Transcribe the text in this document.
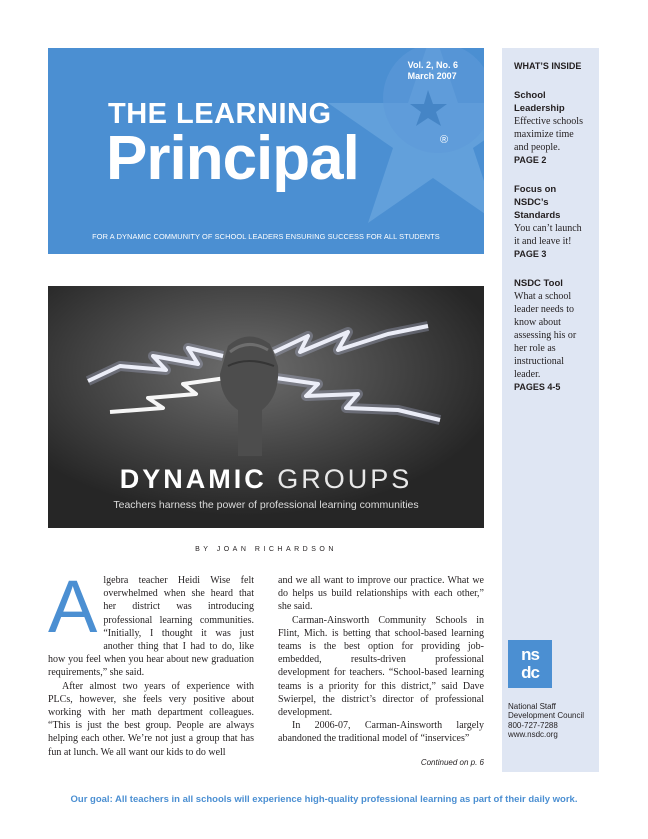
Vol. 2, No. 6
March 2007
THE LEARNING
Principal	®
FOR A DYNAMIC COMMUNITY OF SCHOOL LEADERS ENSURING SUCCESS FOR ALL STUDENTS
DYNAMIC GROUPS
Teachers harness the power of professional learning communities
BY JOAN RICHARDSON

Algebra teacher Heidi Wise felt overwhelmed when she heard that her district was introducing professional learning communities. “Initially, I thought it was just another thing that I had to do, like how you feel when you hear about new graduation requirements,” she said.

After almost two years of experience with PLCs, however, she feels very positive about working with her math department colleagues. “This is just the best group. People are always helping each other. We’re not just a group that has fun at lunch. We all want our kids to do well

and we all want to improve our practice. What we do helps us build relationships with each other,” she said.

Carman-Ainsworth Community Schools in Flint, Mich. is betting that school-based learning teams is the best option for providing job-embedded, results-driven professional development for teachers. “School-based learning teams is a priority for this district,” said Dave Swierpel, the district’s director of professional development.

In 2006-07, Carman-Ainsworth largely abandoned the traditional model of “inservices”

Continued on p. 6
WHAT’S INSIDE
School Leadership
Effective schools maximize time and people.
PAGE 2
Focus on NSDC’s Standards
You can’t launch it and leave it!
PAGE 3
NSDC Tool
What a school leader needs to know about assessing his or her role as instructional leader.
PAGES 4-5
ns
dc
National Staff Development Council
800-727-7288
www.nsdc.org
Our goal: All teachers in all schools will experience high-quality professional learning as part of their daily work.
